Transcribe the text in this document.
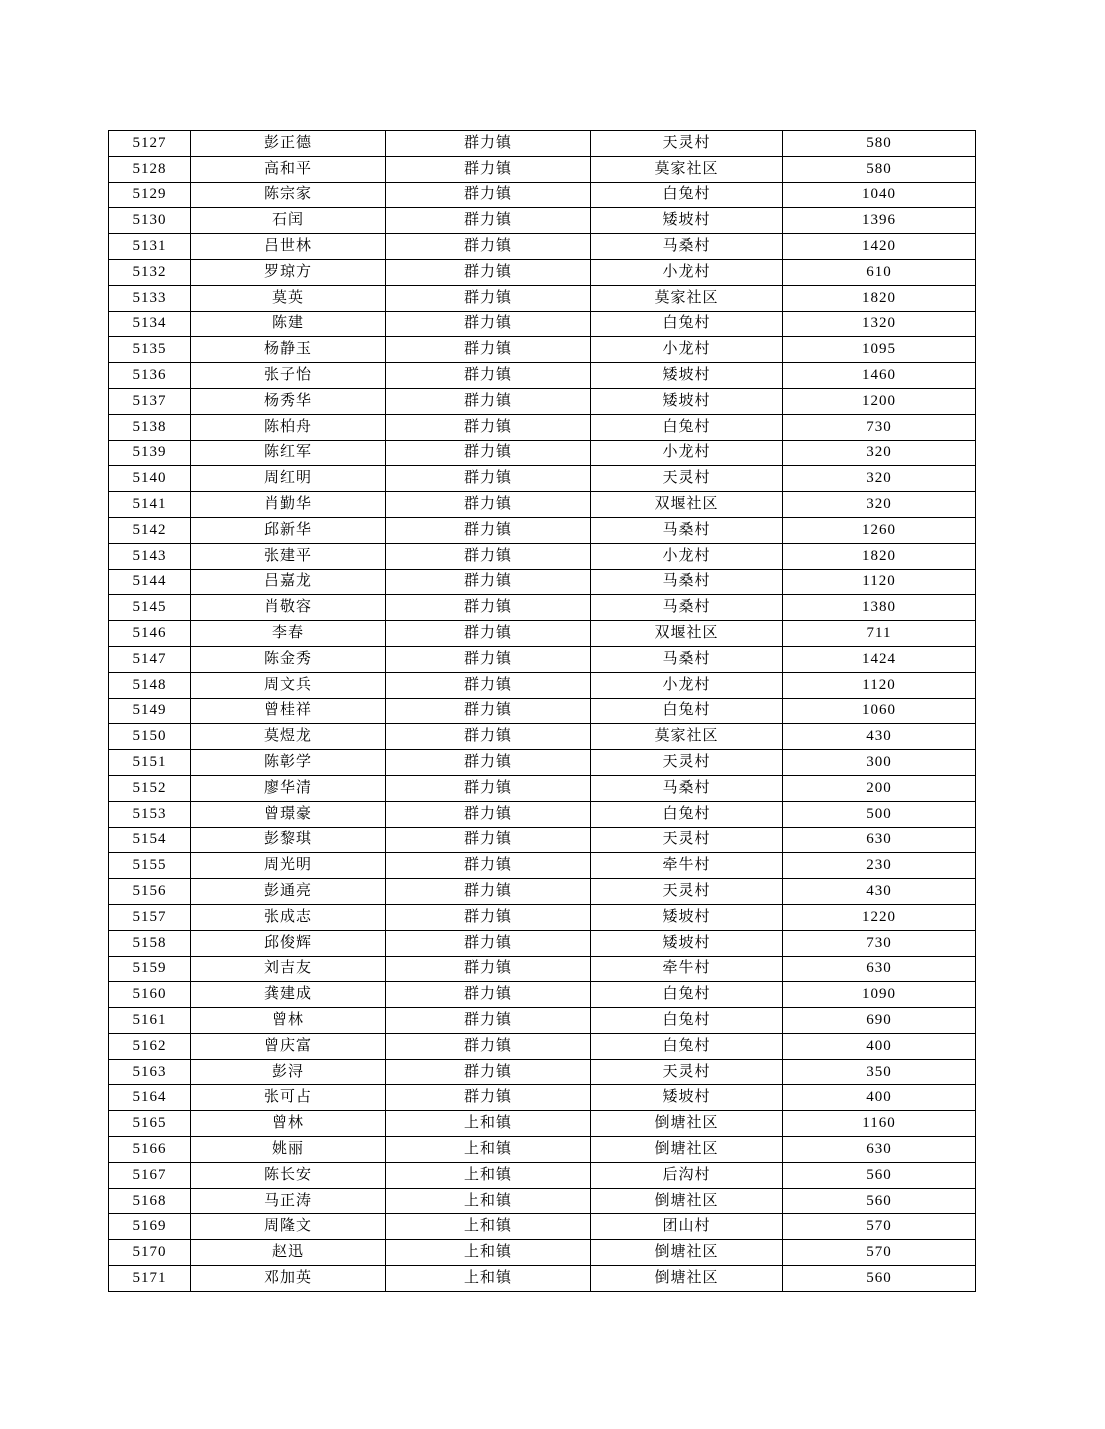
5127	彭正德	群力镇	天灵村	580
5128	高和平	群力镇	莫家社区	580
5129	陈宗家	群力镇	白兔村	1040
5130	石闰	群力镇	矮坡村	1396
5131	吕世林	群力镇	马桑村	1420
5132	罗琼方	群力镇	小龙村	610
5133	莫英	群力镇	莫家社区	1820
5134	陈建	群力镇	白兔村	1320
5135	杨静玉	群力镇	小龙村	1095
5136	张子怡	群力镇	矮坡村	1460
5137	杨秀华	群力镇	矮坡村	1200
5138	陈柏舟	群力镇	白兔村	730
5139	陈红军	群力镇	小龙村	320
5140	周红明	群力镇	天灵村	320
5141	肖勤华	群力镇	双堰社区	320
5142	邱新华	群力镇	马桑村	1260
5143	张建平	群力镇	小龙村	1820
5144	吕嘉龙	群力镇	马桑村	1120
5145	肖敬容	群力镇	马桑村	1380
5146	李春	群力镇	双堰社区	711
5147	陈金秀	群力镇	马桑村	1424
5148	周文兵	群力镇	小龙村	1120
5149	曾桂祥	群力镇	白兔村	1060
5150	莫煜龙	群力镇	莫家社区	430
5151	陈彰学	群力镇	天灵村	300
5152	廖华清	群力镇	马桑村	200
5153	曾璟豪	群力镇	白兔村	500
5154	彭黎琪	群力镇	天灵村	630
5155	周光明	群力镇	牵牛村	230
5156	彭通亮	群力镇	天灵村	430
5157	张成志	群力镇	矮坡村	1220
5158	邱俊辉	群力镇	矮坡村	730
5159	刘吉友	群力镇	牵牛村	630
5160	龚建成	群力镇	白兔村	1090
5161	曾林	群力镇	白兔村	690
5162	曾庆富	群力镇	白兔村	400
5163	彭浔	群力镇	天灵村	350
5164	张可占	群力镇	矮坡村	400
5165	曾林	上和镇	倒塘社区	1160
5166	姚丽	上和镇	倒塘社区	630
5167	陈长安	上和镇	后沟村	560
5168	马正涛	上和镇	倒塘社区	560
5169	周隆文	上和镇	团山村	570
5170	赵迅	上和镇	倒塘社区	570
5171	邓加英	上和镇	倒塘社区	560
